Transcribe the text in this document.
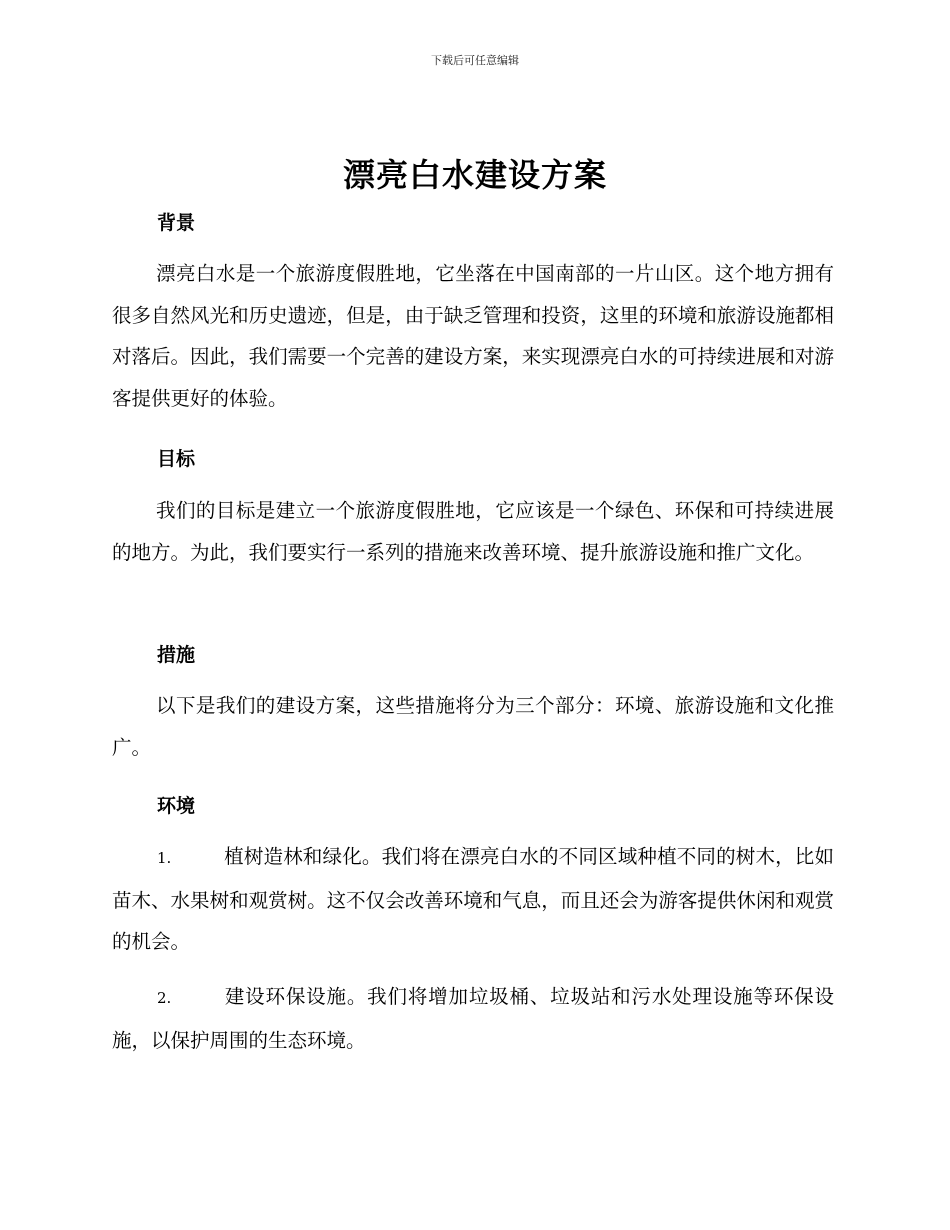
下载后可任意编辑
漂亮白水建设方案
背景

漂亮白水是一个旅游度假胜地，它坐落在中国南部的一片山区。这个地方拥有很多自然风光和历史遗迹，但是，由于缺乏管理和投资，这里的环境和旅游设施都相对落后。因此，我们需要一个完善的建设方案，来实现漂亮白水的可持续进展和对游客提供更好的体验。

目标

我们的目标是建立一个旅游度假胜地，它应该是一个绿色、环保和可持续进展的地方。为此，我们要实行一系列的措施来改善环境、提升旅游设施和推广文化。

措施

以下是我们的建设方案，这些措施将分为三个部分：环境、旅游设施和文化推广。

环境

1.	植树造林和绿化。我们将在漂亮白水的不同区域种植不同的树木，比如苗木、水果树和观赏树。这不仅会改善环境和气息，而且还会为游客提供休闲和观赏的机会。

2.	建设环保设施。我们将增加垃圾桶、垃圾站和污水处理设施等环保设施，以保护周围的生态环境。
